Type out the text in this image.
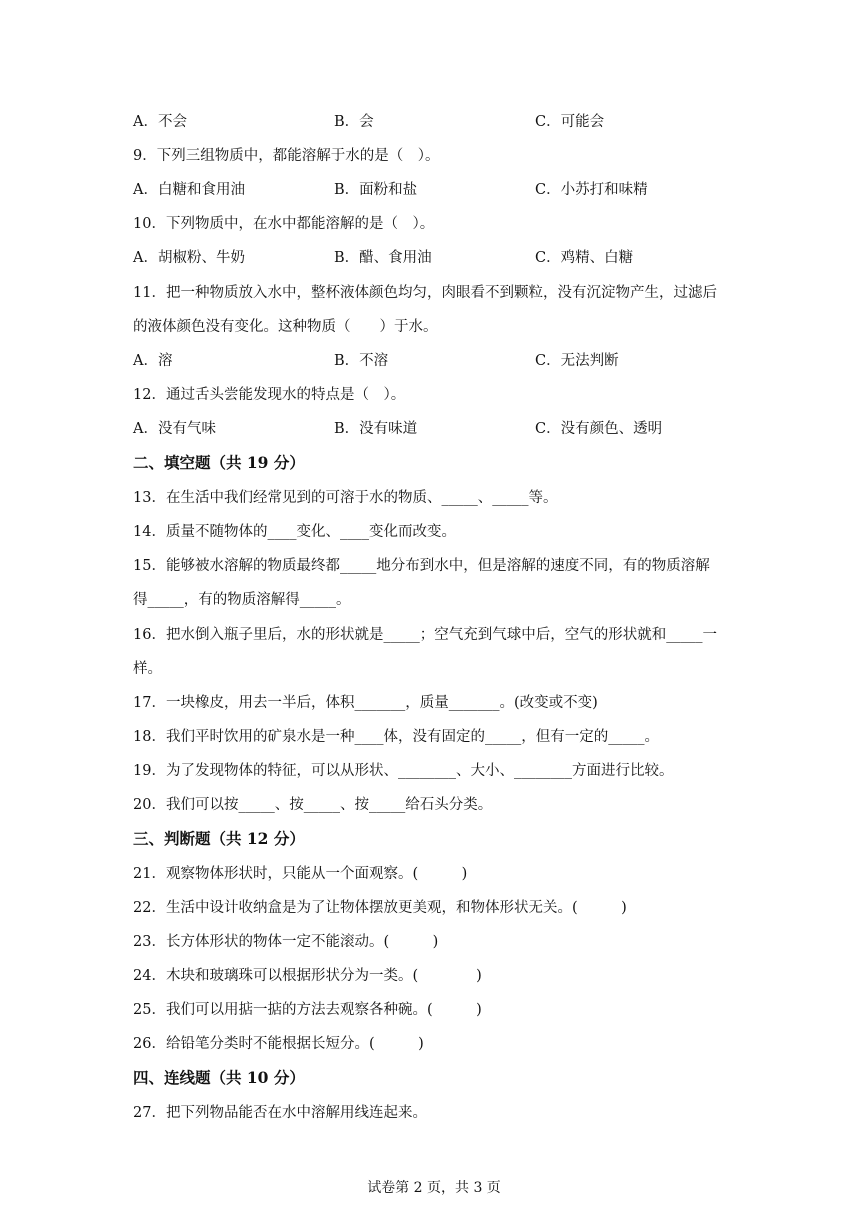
A．不会	B．会	C．可能会
9．下列三组物质中，都能溶解于水的是（　）。
A．白糖和食用油	B．面粉和盐	C．小苏打和味精
10．下列物质中，在水中都能溶解的是（　）。
A．胡椒粉、牛奶	B．醋、食用油	C．鸡精、白糖
11．把一种物质放入水中，整杯液体颜色均匀，肉眼看不到颗粒，没有沉淀物产生，过滤后
的液体颜色没有变化。这种物质（　　）于水。
A．溶	B．不溶	C．无法判断
12．通过舌头尝能发现水的特点是（　）。
A．没有气味	B．没有味道	C．没有颜色、透明
二、填空题（共 19 分）
13．在生活中我们经常见到的可溶于水的物质、_____、_____等。
14．质量不随物体的____变化、____变化而改变。
15．能够被水溶解的物质最终都_____地分布到水中，但是溶解的速度不同，有的物质溶解
得_____，有的物质溶解得_____。
16．把水倒入瓶子里后，水的形状就是_____；空气充到气球中后，空气的形状就和_____一
样。
17．一块橡皮，用去一半后，体积_______，质量_______。(改变或不变)
18．我们平时饮用的矿泉水是一种____体，没有固定的_____，但有一定的_____。
19．为了发现物体的特征，可以从形状、________、大小、________方面进行比较。
20．我们可以按_____、按_____、按_____给石头分类。
三、判断题（共 12 分）
21．观察物体形状时，只能从一个面观察。(　　　)
22．生活中设计收纳盒是为了让物体摆放更美观，和物体形状无关。(　　　)
23．长方体形状的物体一定不能滚动。(　　　)
24．木块和玻璃珠可以根据形状分为一类。(　　　　)
25．我们可以用掂一掂的方法去观察各种碗。(　　　)
26．给铅笔分类时不能根据长短分。(　　　)
四、连线题（共 10 分）
27．把下列物品能否在水中溶解用线连起来。
试卷第 2 页，共 3 页
